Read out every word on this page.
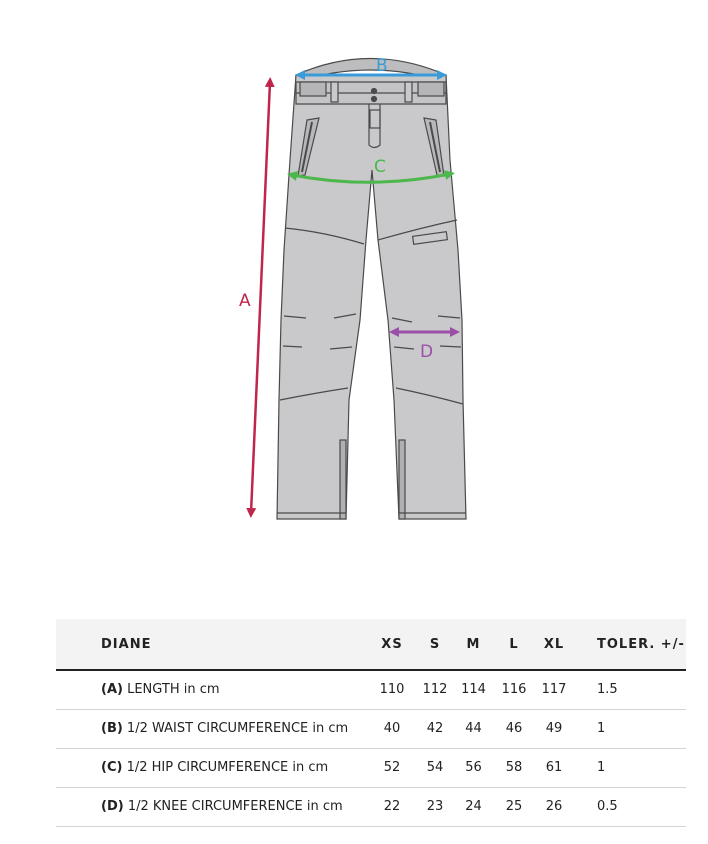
A
B
C
D
DIANE	XS	S	M	L	XL	TOLER. +/-
(A) LENGTH in cm	110	112	114	116	117	1.5
(B) 1/2 WAIST CIRCUMFERENCE in cm	40	42	44	46	49	1
(C) 1/2 HIP CIRCUMFERENCE in cm	52	54	56	58	61	1
(D) 1/2 KNEE CIRCUMFERENCE in cm	22	23	24	25	26	0.5
